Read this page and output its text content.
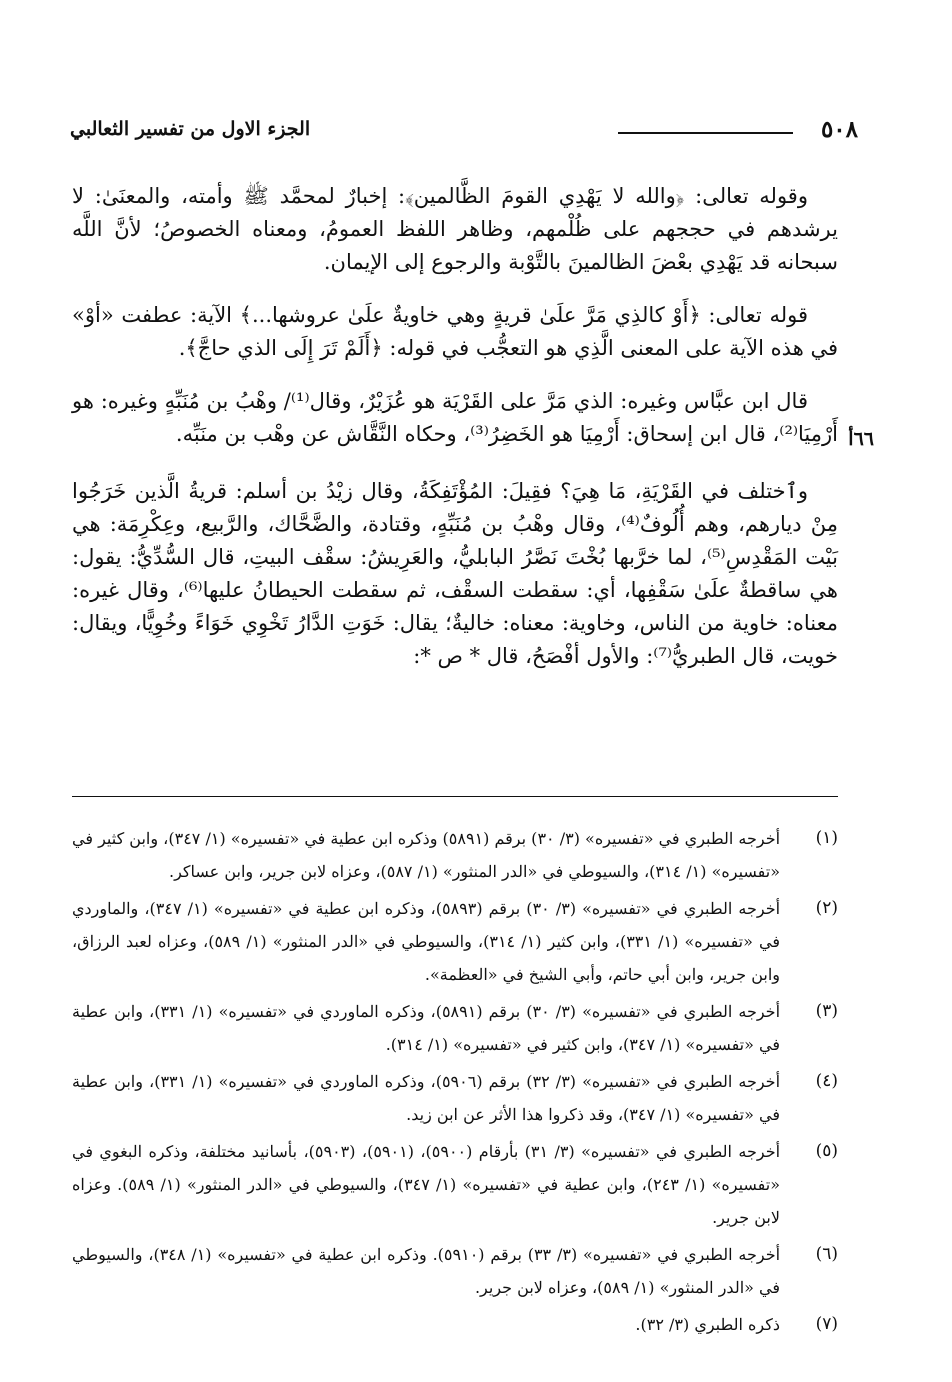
٥٠٨
الجزء الاول من تفسير الثعالبي
٦٦أ

وقوله تعالى: ﴿والله لا يَهْدِي القومَ الظَّالمين﴾: إخبارٌ لمحمَّد ﷺ وأمته، والمعنَىٰ: لا يرشدهم في حججهم على ظُلْمهم، وظاهر اللفظ العمومُ، ومعناه الخصوصُ؛ لأنَّ اللَّه سبحانه قد يَهْدِي بعْضَ الظالمينَ بالتَّوْبة والرجوع إلى الإيمان.

قوله تعالى: ﴿أَوْ كالذِي مَرَّ علَىٰ قريةٍ وهي خاويةٌ علَىٰ عروشها...﴾ الآية: عطفت «أوْ» في هذه الآية على المعنى الَّذِي هو التعجُّب في قوله: ﴿أَلَمْ تَرَ إِلَى الذي حاجَّ﴾.

قال ابن عبَّاس وغيره: الذي مَرَّ على القَرْيَة هو عُزَيْرٌ، وقال⁽¹⁾/ وهْبُ بن مُنَبِّهٍ وغيره: هو أَرْمِيَا⁽²⁾، قال ابن إسحاق: أَرْمِيَا هو الخَضِرُ⁽³⁾، وحكاه النَّقَّاش عن وهْب بن منَبِّه.

وٱختلف في القَرْيَةِ، مَا هِيَ؟ فقِيلَ: المُؤْتَفِكَةُ، وقال زيْدُ بن أسلم: قريةُ الَّذين خَرَجُوا مِنْ ديارهم، وهم أُلُوفٌ⁽⁴⁾، وقال وهْبُ بن مُنَبِّهٍ، وقتادة، والضَّحَّاك، والرَّبيع، وعِكْرِمَة: هي بَيْت المَقْدِسِ⁽⁵⁾، لما خرَّبها بُخْتَ نَصَّرُ البابليُّ، والعَرِيشُ: سقْف البيتِ، قال السُّدِّيُّ: يقول: هي ساقطةٌ علَىٰ سَقْفِها، أي: سقطت السقْف، ثم سقطت الحيطانُ عليها⁽⁶⁾، وقال غيره: معناه: خاوية من الناس، وخاوية: معناه: خاليةٌ؛ يقال: خَوَتِ الدَّارُ تَخْوِي خَوَاءً وخُوِيًّا، ويقال: خويت، قال الطبريُّ⁽⁷⁾: والأول أفْصَحُ، قال * ص *:

(١)
أخرجه الطبري في «تفسيره» (٣/ ٣٠) برقم (٥٨٩١) وذكره ابن عطية في «تفسيره» (١/ ٣٤٧)، وابن كثير في «تفسيره» (١/ ٣١٤)، والسيوطي في «الدر المنثور» (١/ ٥٨٧)، وعزاه لابن جرير، وابن عساكر.
(٢)
أخرجه الطبري في «تفسيره» (٣/ ٣٠) برقم (٥٨٩٣)، وذكره ابن عطية في «تفسيره» (١/ ٣٤٧)، والماوردي في «تفسيره» (١/ ٣٣١)، وابن كثير (١/ ٣١٤)، والسيوطي في «الدر المنثور» (١/ ٥٨٩)، وعزاه لعبد الرزاق، وابن جرير، وابن أبي حاتم، وأبي الشيخ في «العظمة».
(٣)
أخرجه الطبري في «تفسيره» (٣/ ٣٠) برقم (٥٨٩١)، وذكره الماوردي في «تفسيره» (١/ ٣٣١)، وابن عطية في «تفسيره» (١/ ٣٤٧)، وابن كثير في «تفسيره» (١/ ٣١٤).
(٤)
أخرجه الطبري في «تفسيره» (٣/ ٣٢) برقم (٥٩٠٦)، وذكره الماوردي في «تفسيره» (١/ ٣٣١)، وابن عطية في «تفسيره» (١/ ٣٤٧)، وقد ذكروا هذا الأثر عن ابن زيد.
(٥)
أخرجه الطبري في «تفسيره» (٣/ ٣١) بأرقام (٥٩٠٠)، (٥٩٠١)، (٥٩٠٣)، بأسانيد مختلفة، وذكره البغوي في «تفسيره» (١/ ٢٤٣)، وابن عطية في «تفسيره» (١/ ٣٤٧)، والسيوطي في «الدر المنثور» (١/ ٥٨٩). وعزاه لابن جرير.
(٦)
أخرجه الطبري في «تفسيره» (٣/ ٣٣) برقم (٥٩١٠). وذكره ابن عطية في «تفسيره» (١/ ٣٤٨)، والسيوطي في «الدر المنثور» (١/ ٥٨٩)، وعزاه لابن جرير.
(٧)
ذكره الطبري (٣/ ٣٢).
